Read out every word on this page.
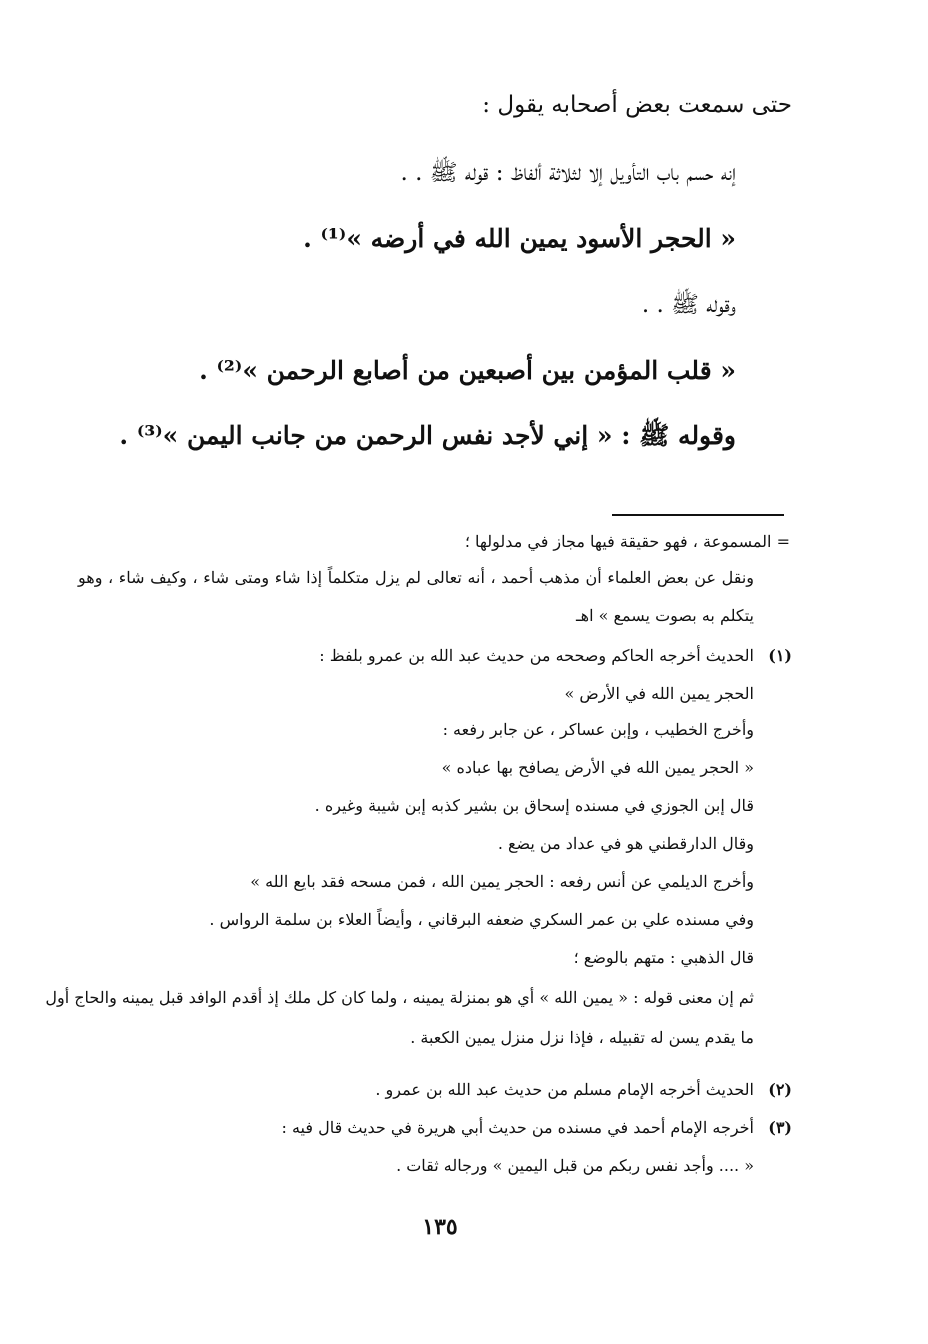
حتى سمعت بعض أصحابه يقول :

إنه حسم باب التأويل إلا لثلاثة ألفاظ : قوله ﷺ . .

« الحجر الأسود يمين الله في أرضه »⁽¹⁾ .

وقوله ﷺ . .

« قلب المؤمن بين أصبعين من أصابع الرحمن »⁽²⁾ .

وقوله ﷺ : « إني لأجد نفس الرحمن من جانب اليمن »⁽³⁾ .

= المسموعة ، فهو حقيقة فيها مجاز في مدلولها ؛

ونقل عن بعض العلماء أن مذهب أحمد ، أنه تعالى لم يزل متكلماً إذا شاء ومتى شاء ، وكيف شاء ، وهو

يتكلم به بصوت يسمع » اهـ

(١)

الحديث أخرجه الحاكم وصححه من حديث عبد الله بن عمرو بلفظ :

الحجر يمين الله في الأرض »

وأخرج الخطيب ، وإبن عساكر ، عن جابر رفعه :

« الحجر يمين الله في الأرض يصافح بها عباده »

قال إبن الجوزي في مسنده إسحاق بن بشير كذبه إبن شيبة وغيره .

وقال الدارقطني هو في عداد من يضع .

وأخرج الديلمي عن أنس رفعه : الحجر يمين الله ، فمن مسحه فقد بايع الله »

وفي مسنده علي بن عمر السكري ضعفه البرقاني ، وأيضاً العلاء بن سلمة الرواس .

قال الذهبي : متهم بالوضع ؛

ثم إن معنى قوله : « يمين الله » أي هو بمنزلة يمينه ، ولما كان كل ملك إذ أقدم الوافد قبل يمينه والحاج أول

ما يقدم يسن له تقبيله ، فإذا نزل منزل يمين الكعبة .

(٢)

الحديث أخرجه الإمام مسلم من حديث عبد الله بن عمرو .

(٣)

أخرجه الإمام أحمد في مسنده من حديث أبي هريرة في حديث قال فيه :

« .... وأجد نفس ربكم من قبل اليمين » ورجاله ثقات .

١٣٥
